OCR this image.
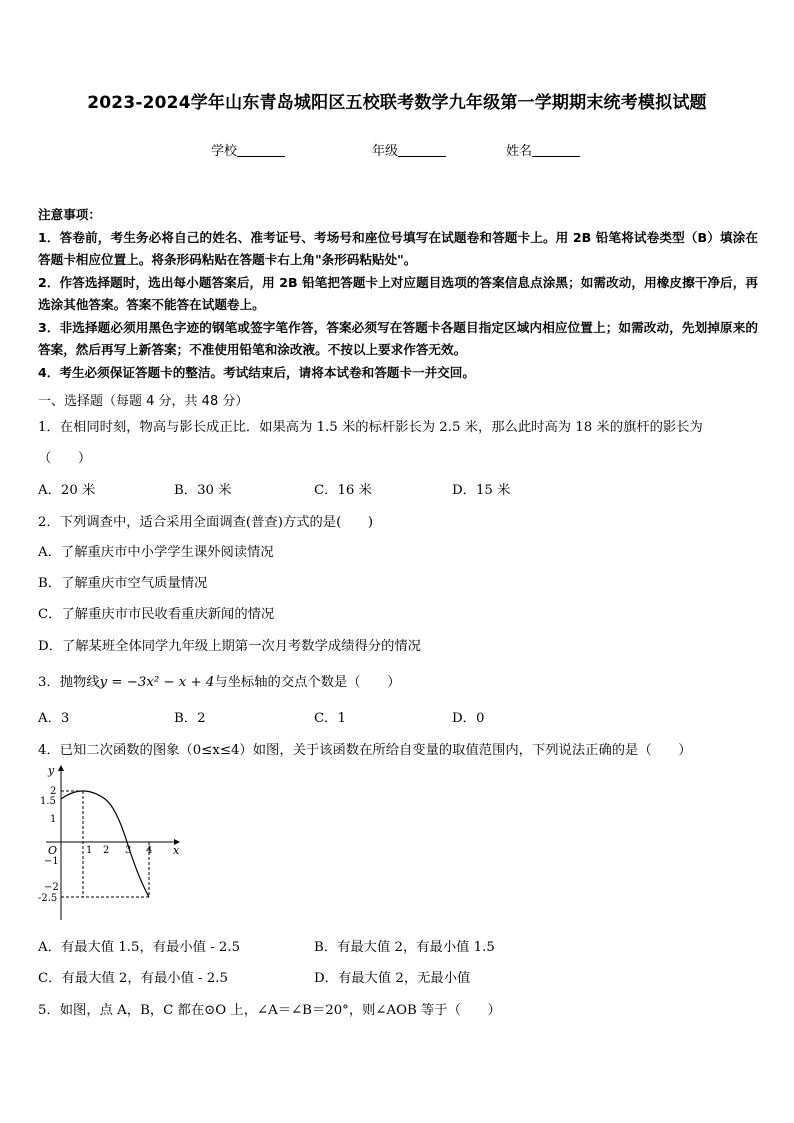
2023-2024学年山东青岛城阳区五校联考数学九年级第一学期期末统考模拟试题
学校	年级	姓名

注意事项：

1．答卷前，考生务必将自己的姓名、准考证号、考场号和座位号填写在试题卷和答题卡上。用 2B 铅笔将试卷类型（B）填涂在答题卡相应位置上。将条形码粘贴在答题卡右上角"条形码粘贴处"。

2．作答选择题时，选出每小题答案后，用 2B 铅笔把答题卡上对应题目选项的答案信息点涂黑；如需改动，用橡皮擦干净后，再选涂其他答案。答案不能答在试题卷上。

3．非选择题必须用黑色字迹的钢笔或签字笔作答，答案必须写在答题卡各题目指定区域内相应位置上；如需改动，先划掉原来的答案，然后再写上新答案；不准使用铅笔和涂改液。不按以上要求作答无效。

4．考生必须保证答题卡的整洁。考试结束后，请将本试卷和答题卡一并交回。

一、选择题（每题 4 分，共 48 分）
1．在相同时刻，物高与影长成正比．如果高为 1.5 米的标杆影长为 2.5 米，那么此时高为 18 米的旗杆的影长为
（　　）
A．20 米	B．30 米	C．16 米	D．15 米
2．下列调查中，适合采用全面调查(普查)方式的是(　　)
A．了解重庆市中小学学生课外阅读情况
B．了解重庆市空气质量情况
C．了解重庆市市民收看重庆新闻的情况
D．了解某班全体同学九年级上期第一次月考数学成绩得分的情况
3．抛物线y = −3x² − x + 4与坐标轴的交点个数是（　　）
A．3	B．2	C．1	D．0
4．已知二次函数的图象（0≤x≤4）如图，关于该函数在所给自变量的取值范围内，下列说法正确的是（　　）
y
x
O
2
1.5
1
−1
−2
-2.5
1 2 3 4
A．有最大值 1.5，有最小值 - 2.5	B．有最大值 2，有最小值 1.5
C．有最大值 2，有最小值 - 2.5	D．有最大值 2，无最小值
5．如图，点 A，B，C 都在⊙O 上，∠A＝∠B＝20°，则∠AOB 等于（　　）
